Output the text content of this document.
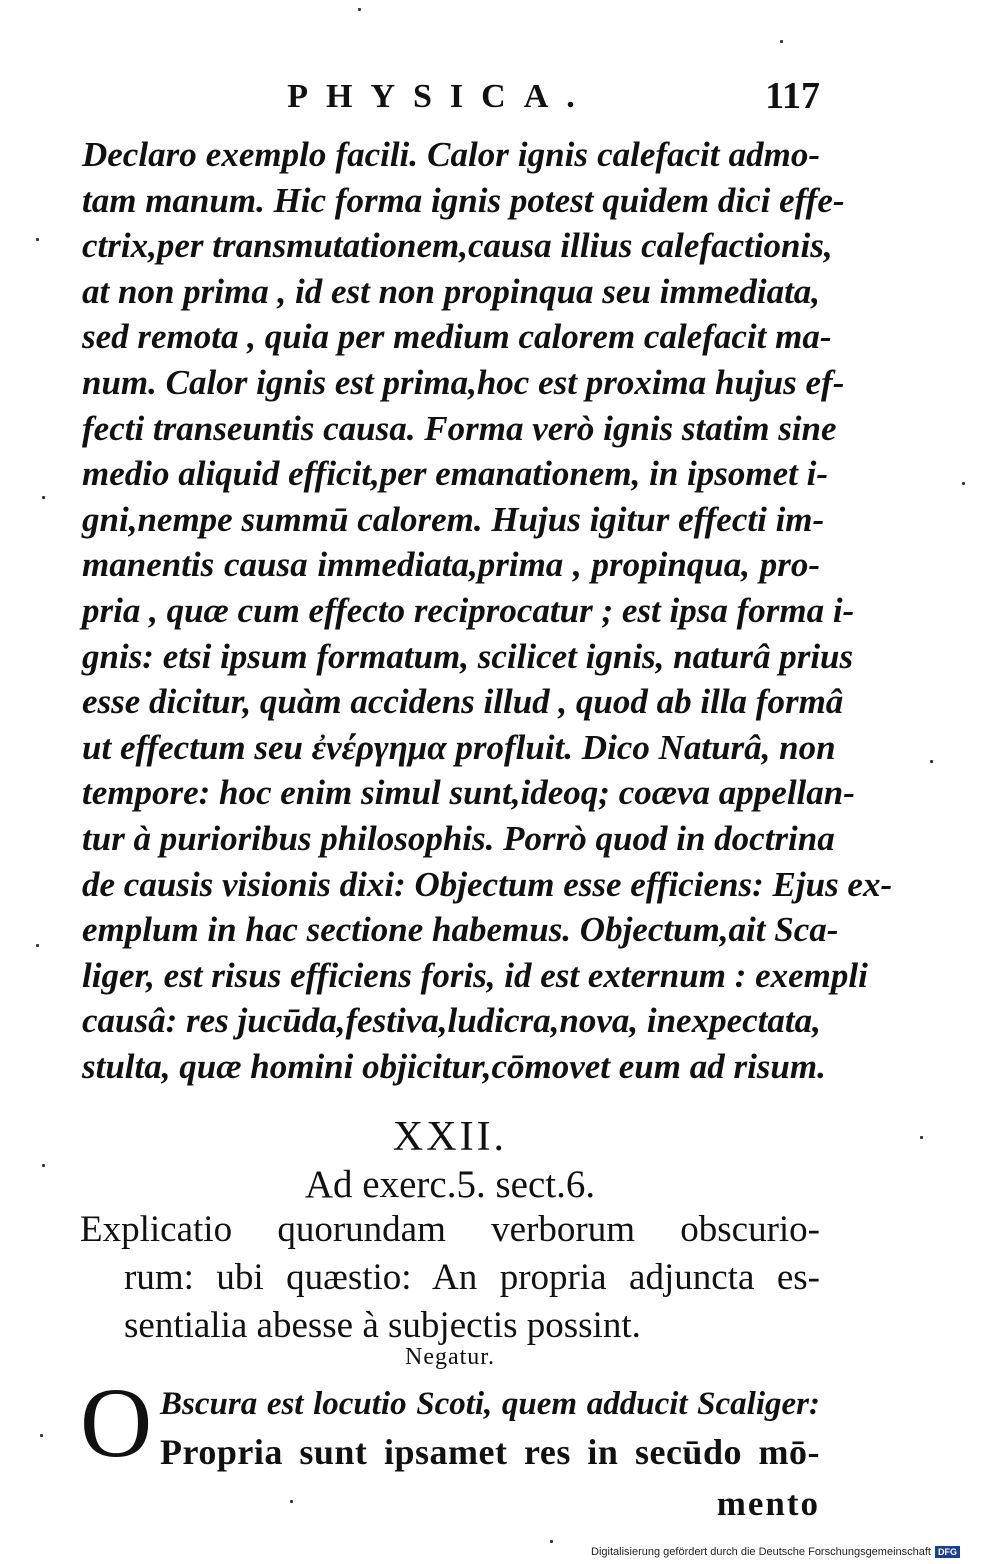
PHYSICA.	117
Declaro exemplo facili. Calor ignis calefacit admo-
tam manum. Hic forma ignis potest quidem dici effe-
ctrix,per transmutationem,causa illius calefactionis,
at non prima , id est non propinqua seu immediata,
sed remota , quia per medium calorem calefacit ma-
num. Calor ignis est prima,hoc est proxima hujus ef-
fecti transeuntis causa. Forma verò ignis statim sine
medio aliquid efficit,per emanationem, in ipsomet i-
gni,nempe summū calorem. Hujus igitur effecti im-
manentis causa immediata,prima , propinqua, pro-
pria , quæ cum effecto reciprocatur ; est ipsa forma i-
gnis: etsi ipsum formatum, scilicet ignis, naturâ prius
esse dicitur, quàm accidens illud , quod ab illa formâ
ut effectum seu ἐνέργημα profluit. Dico Naturâ, non
tempore: hoc enim simul sunt,ideoq; coæva appellan-
tur à purioribus philosophis. Porrò quod in doctrina
de causis visionis dixi: Objectum esse efficiens: Ejus ex-
emplum in hac sectione habemus. Objectum,ait Sca-
liger, est risus efficiens foris, id est externum : exempli
causâ: res jucūda,festiva,ludicra,nova, inexpectata,
stulta, quæ homini objicitur,cōmovet eum ad risum.
XXII.
Ad exerc.5. sect.6.
Explicatio quorundam verborum obscurio-
rum: ubi quæstio: An propria adjuncta es-
sentialia abesse à subjectis possint.
Negatur.
O Bscura est locutio Scoti, quem adducit Scaliger:
Propria sunt ipsamet res in secūdo mō-
mento
Digitalisierung gefördert durch die Deutsche Forschungsgemeinschaft DFG
